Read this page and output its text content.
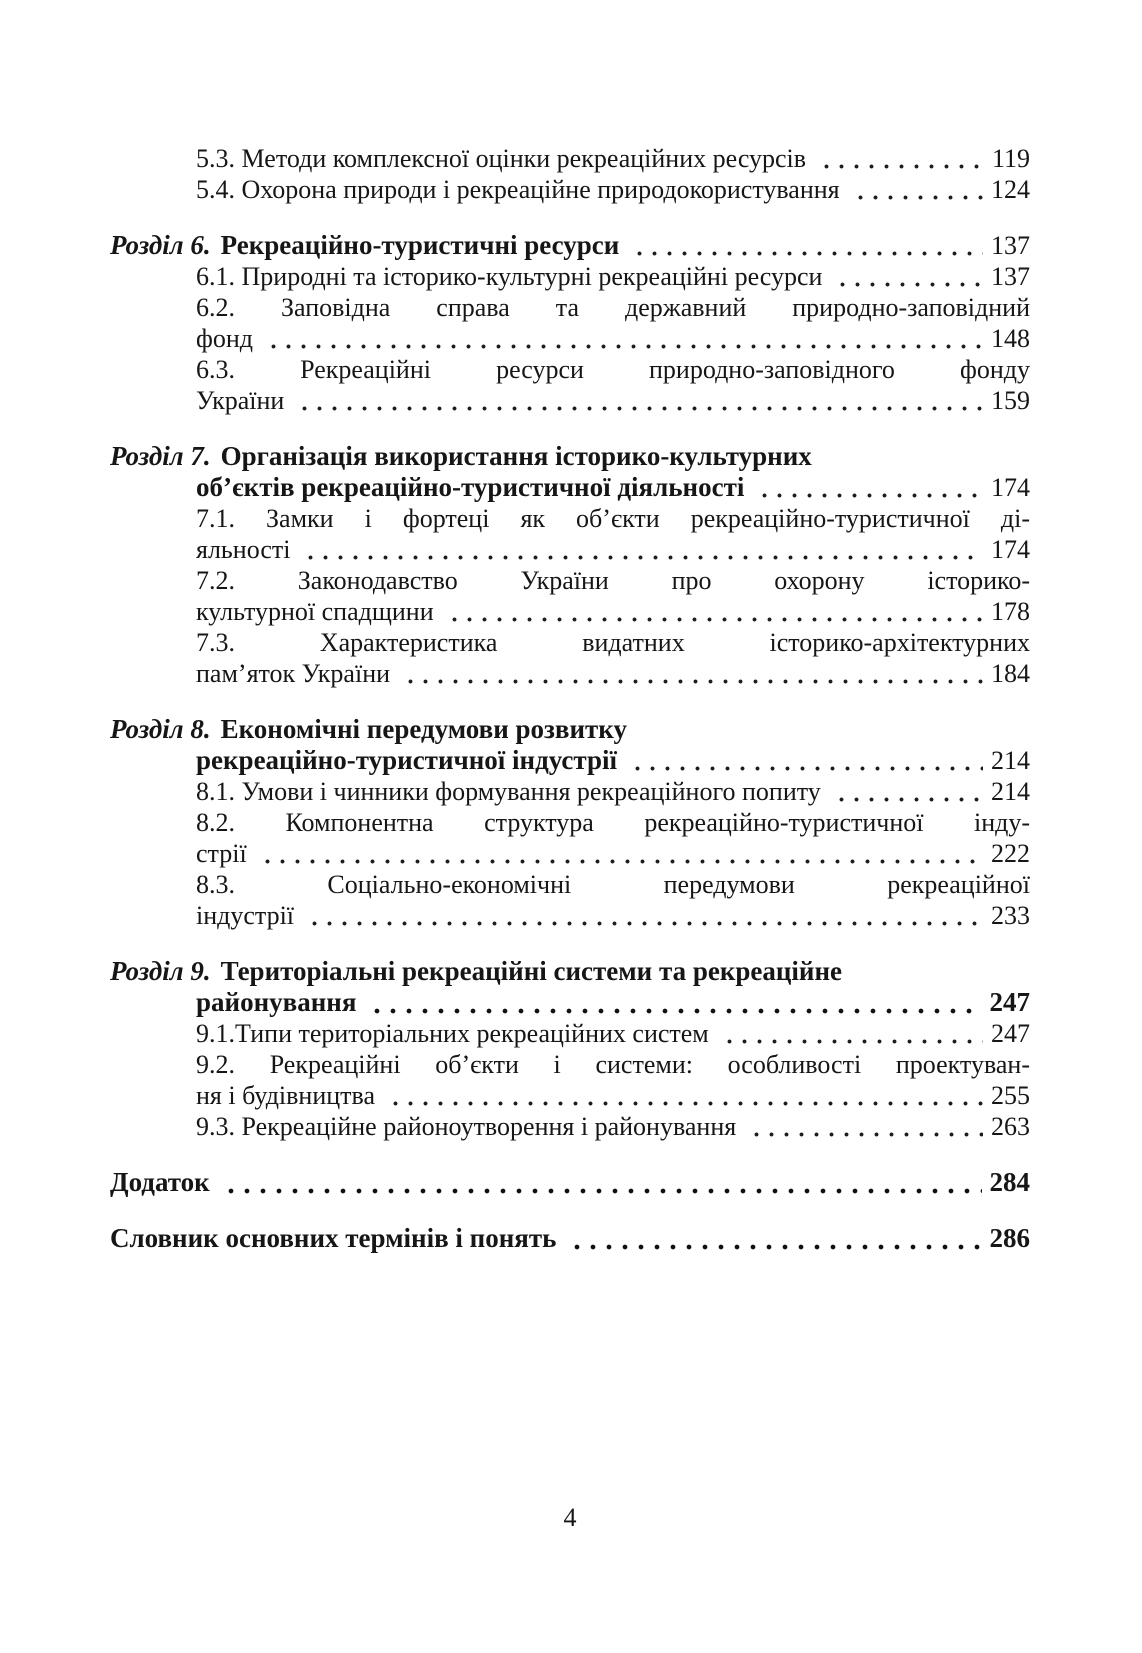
5.3. Методи комплексної оцінки рекреаційних ресурсів	119
5.4. Охорона природи і рекреаційне природокористування	124
Розділ 6. Рекреаційно-туристичні ресурси	137
6.1. Природні та історико-культурні рекреаційні ресурси	137
6.2. Заповідна справа та державний природно-заповідний
фонд	148
6.3. Рекреаційні ресурси природно-заповідного фонду
України	159
Розділ 7. Організація використання історико-культурних
об’єктів рекреаційно-туристичної діяльності	174
7.1. Замки і фортеці як об’єкти рекреаційно-туристичної ді-
яльності	174
7.2. Законодавство України про охорону історико-
культурної спадщини	178
7.3. Характеристика видатних історико-архітектурних
пам’яток України	184
Розділ 8. Економічні передумови розвитку
рекреаційно-туристичної індустрії	214
8.1. Умови і чинники формування рекреаційного попиту	214
8.2. Компонентна структура рекреаційно-туристичної інду-
стрії	222
8.3. Соціально-економічні передумови рекреаційної
індустрії	233
Розділ 9. Територіальні рекреаційні системи та рекреаційне
районування	247
9.1.Типи територіальних рекреаційних систем	247
9.2. Рекреаційні об’єкти і системи: особливості проектуван-
ня і будівництва	255
9.3. Рекреаційне районоутворення і районування	263
Додаток	284
Словник основних термінів і понять	286
4
